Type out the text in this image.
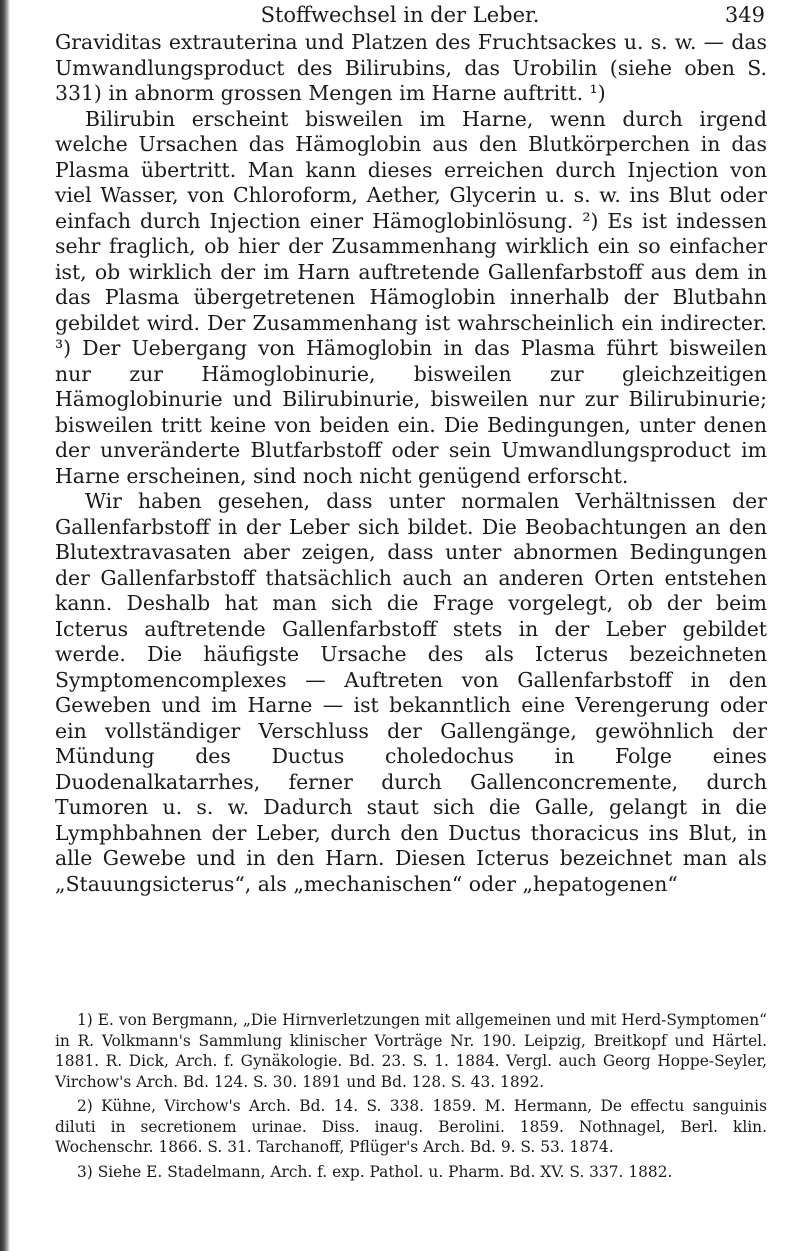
Stoffwechsel in der Leber.	349

Graviditas extrauterina und Platzen des Fruchtsackes u. s. w. — das Umwandlungsproduct des Bilirubins, das Urobilin (siehe oben S. 331) in abnorm grossen Mengen im Harne auftritt. ¹)

Bilirubin erscheint bisweilen im Harne, wenn durch irgend welche Ursachen das Hämoglobin aus den Blutkörperchen in das Plasma übertritt. Man kann dieses erreichen durch Injection von viel Wasser, von Chloroform, Aether, Glycerin u. s. w. ins Blut oder einfach durch Injection einer Hämoglobinlösung. ²) Es ist indessen sehr fraglich, ob hier der Zusammenhang wirklich ein so einfacher ist, ob wirklich der im Harn auftretende Gallenfarbstoff aus dem in das Plasma übergetretenen Hämoglobin innerhalb der Blutbahn gebildet wird. Der Zusammenhang ist wahrscheinlich ein indirecter. ³) Der Uebergang von Hämoglobin in das Plasma führt bisweilen nur zur Hämoglobinurie, bisweilen zur gleichzeitigen Hämoglobinurie und Bilirubinurie, bisweilen nur zur Bilirubinurie; bisweilen tritt keine von beiden ein. Die Bedingungen, unter denen der unveränderte Blutfarbstoff oder sein Umwandlungsproduct im Harne erscheinen, sind noch nicht genügend erforscht.

Wir haben gesehen, dass unter normalen Verhältnissen der Gallenfarbstoff in der Leber sich bildet. Die Beobachtungen an den Blutextravasaten aber zeigen, dass unter abnormen Bedingungen der Gallenfarbstoff thatsächlich auch an anderen Orten entstehen kann. Deshalb hat man sich die Frage vorgelegt, ob der beim Icterus auftretende Gallenfarbstoff stets in der Leber gebildet werde. Die häufigste Ursache des als Icterus bezeichneten Symptomencomplexes — Auftreten von Gallenfarbstoff in den Geweben und im Harne — ist bekanntlich eine Verengerung oder ein vollständiger Verschluss der Gallengänge, gewöhnlich der Mündung des Ductus choledochus in Folge eines Duodenalkatarrhes, ferner durch Gallenconcremente, durch Tumoren u. s. w. Dadurch staut sich die Galle, gelangt in die Lymphbahnen der Leber, durch den Ductus thoracicus ins Blut, in alle Gewebe und in den Harn. Diesen Icterus bezeichnet man als „Stauungsicterus“, als „mechanischen“ oder „hepatogenen“

1) E. von Bergmann, „Die Hirnverletzungen mit allgemeinen und mit Herd-Symptomen“ in R. Volkmann's Sammlung klinischer Vorträge Nr. 190. Leipzig, Breitkopf und Härtel. 1881. R. Dick, Arch. f. Gynäkologie. Bd. 23. S. 1. 1884. Vergl. auch Georg Hoppe-Seyler, Virchow's Arch. Bd. 124. S. 30. 1891 und Bd. 128. S. 43. 1892.

2) Kühne, Virchow's Arch. Bd. 14. S. 338. 1859. M. Hermann, De effectu sanguinis diluti in secretionem urinae. Diss. inaug. Berolini. 1859. Nothnagel, Berl. klin. Wochenschr. 1866. S. 31. Tarchanoff, Pflüger's Arch. Bd. 9. S. 53. 1874.

3) Siehe E. Stadelmann, Arch. f. exp. Pathol. u. Pharm. Bd. XV. S. 337. 1882.
